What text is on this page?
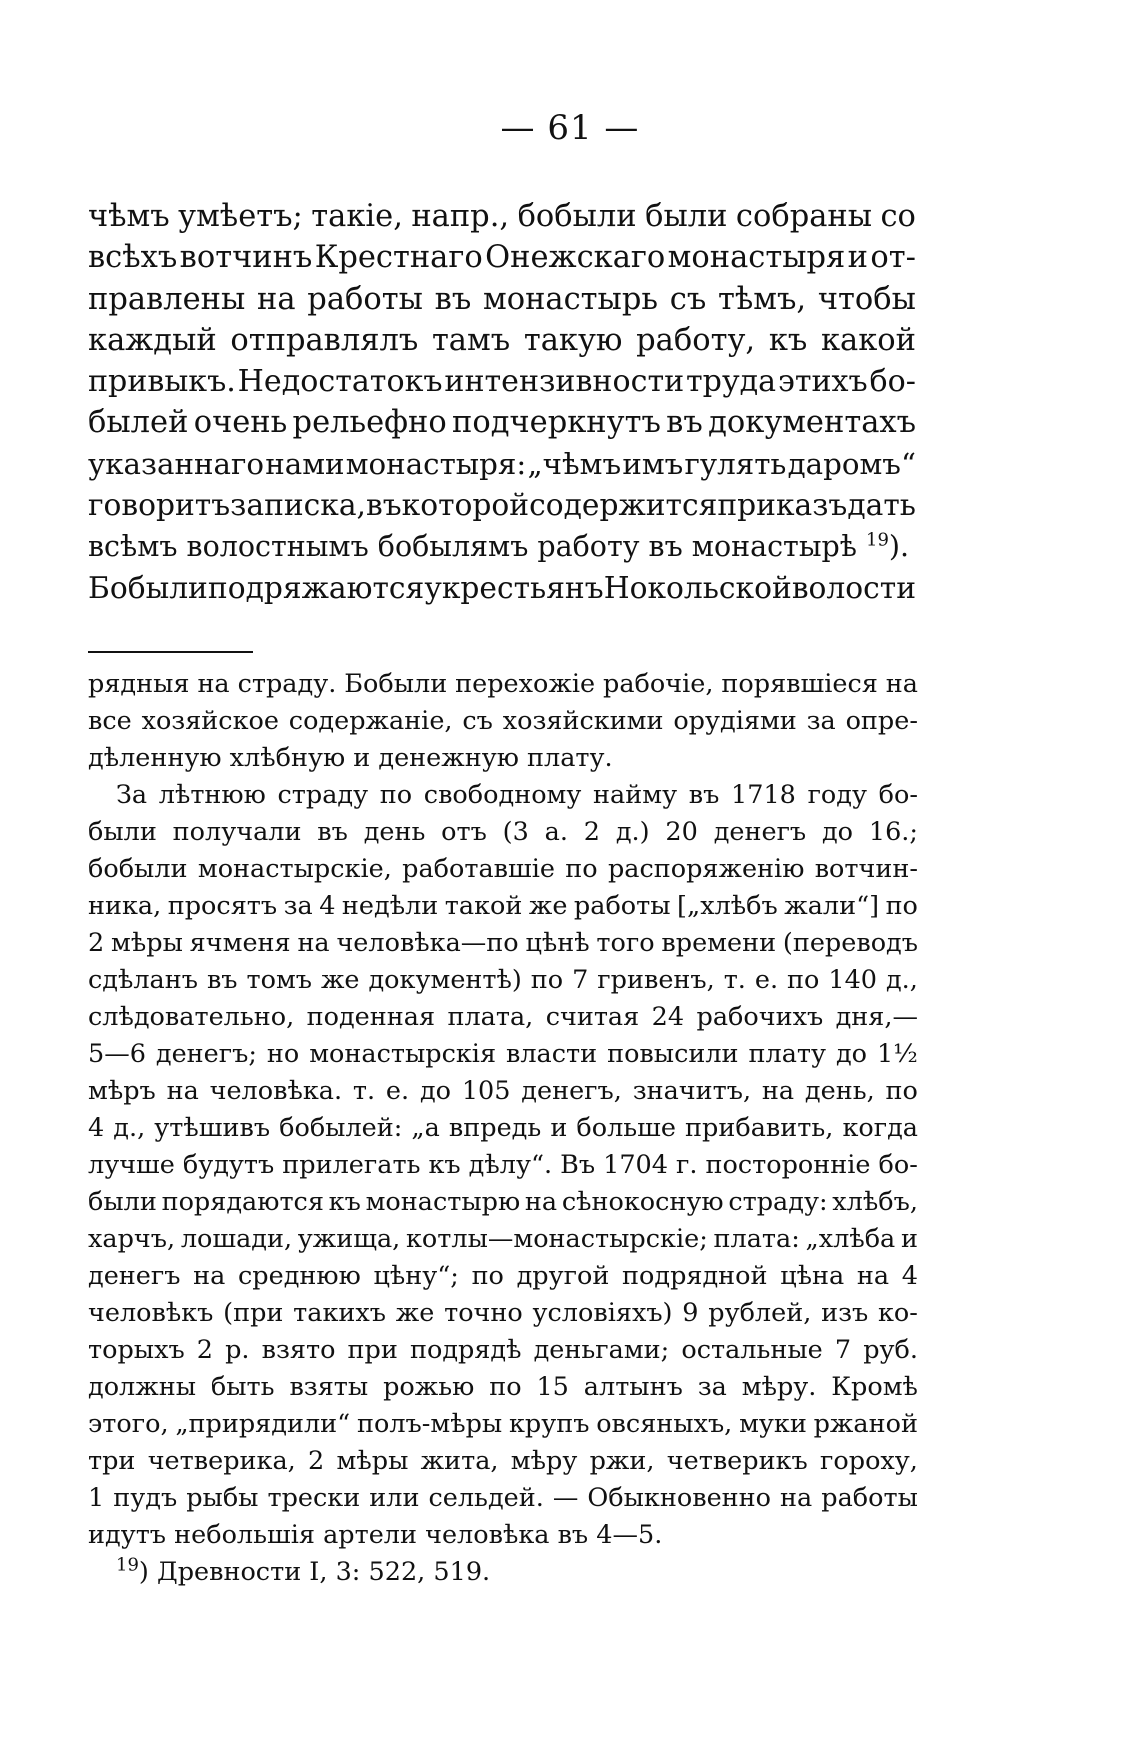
— 61 —
чѣмъ умѣетъ; такіе, напр., бобыли были собраны со
всѣхъ вотчинъ Крестнаго Онежскаго монастыря и от-
правлены на работы въ монастырь съ тѣмъ, чтобы
каждый отправлялъ тамъ такую работу, къ какой
привыкъ. Недостатокъ интензивности труда этихъ бо-
былей очень рельефно подчеркнутъ въ документахъ
указаннаго нами монастыря: „чѣмъ имъ гулять даромъ“
говоритъ записка, въ которой содержится приказъ дать
всѣмъ волостнымъ бобылямъ работу въ монастырѣ $^{19}$).
Бобыли подряжаются у крестьянъ Нокольской волости
рядныя на страду. Бобыли перехожіе рабочіе, порявшіеся на
все хозяйское содержаніе, съ хозяйскими орудіями за опре-
дѣленную хлѣбную и денежную плату.
За лѣтнюю страду по свободному найму въ 1718 году бо-
были получали въ день отъ (3 а. 2 д.) 20 денегъ до 16.;
бобыли монастырскіе, работавшіе по распоряженію вотчин-
ника, просятъ за 4 недѣли такой же работы [„хлѣбъ жали“] по
2 мѣры ячменя на человѣка—по цѣнѣ того времени (переводъ
сдѣланъ въ томъ же документѣ) по 7 гривенъ, т. е. по 140 д.,
слѣдовательно, поденная плата, считая 24 рабочихъ дня,—
5—6 денегъ; но монастырскія власти повысили плату до 1½
мѣръ на человѣка. т. е. до 105 денегъ, значитъ, на день, по
4 д., утѣшивъ бобылей: „а впредь и больше прибавить, когда
лучше будутъ прилегать къ дѣлу“. Въ 1704 г. посторонніе бо-
были порядаются къ монастырю на сѣнокосную страду: хлѣбъ,
харчъ, лошади, ужища, котлы—монастырскіе; плата: „хлѣба и
денегъ на среднюю цѣну“; по другой подрядной цѣна на 4
человѣкъ (при такихъ же точно условіяхъ) 9 рублей, изъ ко-
торыхъ 2 р. взято при подрядѣ деньгами; остальные 7 руб.
должны быть взяты рожью по 15 алтынъ за мѣру. Кромѣ
этого, „прирядили“ полъ-мѣры крупъ овсяныхъ, муки ржаной
три четверика, 2 мѣры жита, мѣру ржи, четверикъ гороху,
1 пудъ рыбы трески или сельдей. — Обыкновенно на работы
идутъ небольшія артели человѣка въ 4—5.
$^{19}$) Древности I, 3: 522, 519.
